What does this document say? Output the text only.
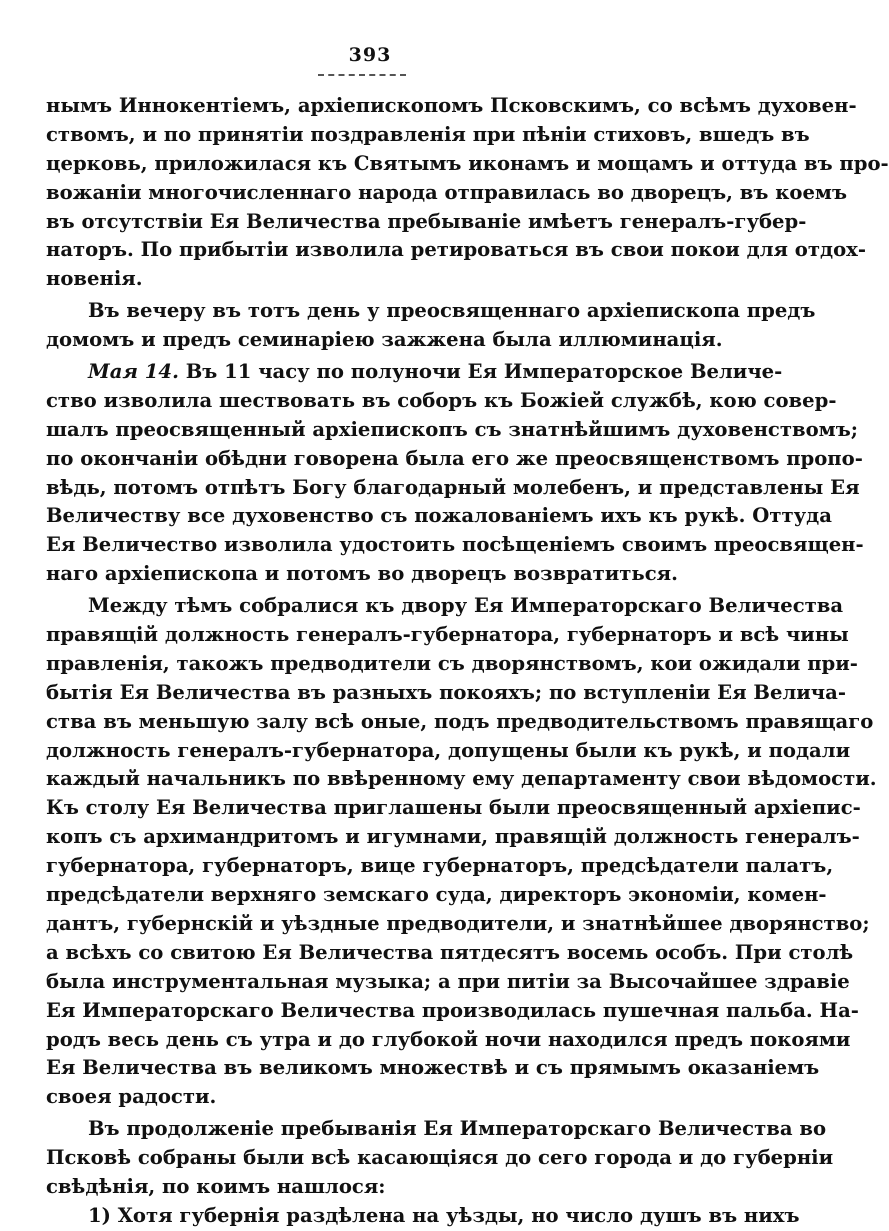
393
нымъ Иннокентіемъ, архіепископомъ Псковскимъ, со всѣмъ духовен-
ствомъ, и по принятіи поздравленія при пѣніи стиховъ, вшедъ въ
церковь, приложилася къ Святымъ иконамъ и мощамъ и оттуда въ про-
вожаніи многочисленнаго народа отправилась во дворецъ, въ коемъ
въ отсутствіи Ея Величества пребываніе имѣетъ генералъ-губер-
наторъ. По прибытіи изволила ретироваться въ свои покои для отдох-
новенія.
Въ вечеру въ тотъ день у преосвященнаго архіепископа предъ
домомъ и предъ семинаріею зажжена была иллюминація.
Мая 14. Въ 11 часу по полуночи Ея Императорское Величе-
ство изволила шествовать въ соборъ къ Божіей службѣ, кою совер-
шалъ преосвященный архіепископъ съ знатнѣйшимъ духовенствомъ;
по окончаніи обѣдни говорена была его же преосвященствомъ пропо-
вѣдь, потомъ отпѣтъ Богу благодарный молебенъ, и представлены Ея
Величеству все духовенство съ пожалованіемъ ихъ къ рукѣ. Оттуда
Ея Величество изволила удостоить посѣщеніемъ своимъ преосвящен-
наго архіепископа и потомъ во дворецъ возвратиться.
Между тѣмъ собралися къ двору Ея Императорскаго Величества
правящій должность генералъ-губернатора, губернаторъ и всѣ чины
правленія, такожъ предводители съ дворянствомъ, кои ожидали при-
бытія Ея Величества въ разныхъ покояхъ; по вступленіи Ея Велича-
ства въ меньшую залу всѣ оные, подъ предводительствомъ правящаго
должность генералъ-губернатора, допущены были къ рукѣ, и подали
каждый начальникъ по ввѣренному ему департаменту свои вѣдомости.
Къ столу Ея Величества приглашены были преосвященный архіепис-
копъ съ архимандритомъ и игумнами, правящій должность генералъ-
губернатора, губернаторъ, вице губернаторъ, предсѣдатели палатъ,
предсѣдатели верхняго земскаго суда, директоръ экономіи, комен-
дантъ, губернскій и уѣздные предводители, и знатнѣйшее дворянство;
а всѣхъ со свитою Ея Величества пятдесятъ восемь особъ. При столѣ
была инструментальная музыка; а при питіи за Высочайшее здравіе
Ея Императорскаго Величества производилась пушечная пальба. На-
родъ весь день съ утра и до глубокой ночи находился предъ покоями
Ея Величества въ великомъ множествѣ и съ прямымъ оказаніемъ
своея радости.
Въ продолженіе пребыванія Ея Императорскаго Величества во
Псковѣ собраны были всѣ касающіяся до сего города и до губерніи
свѣдѣнія, по коимъ нашлося:
1) Хотя губернія раздѣлена на уѣзды, но число душъ въ нихъ
